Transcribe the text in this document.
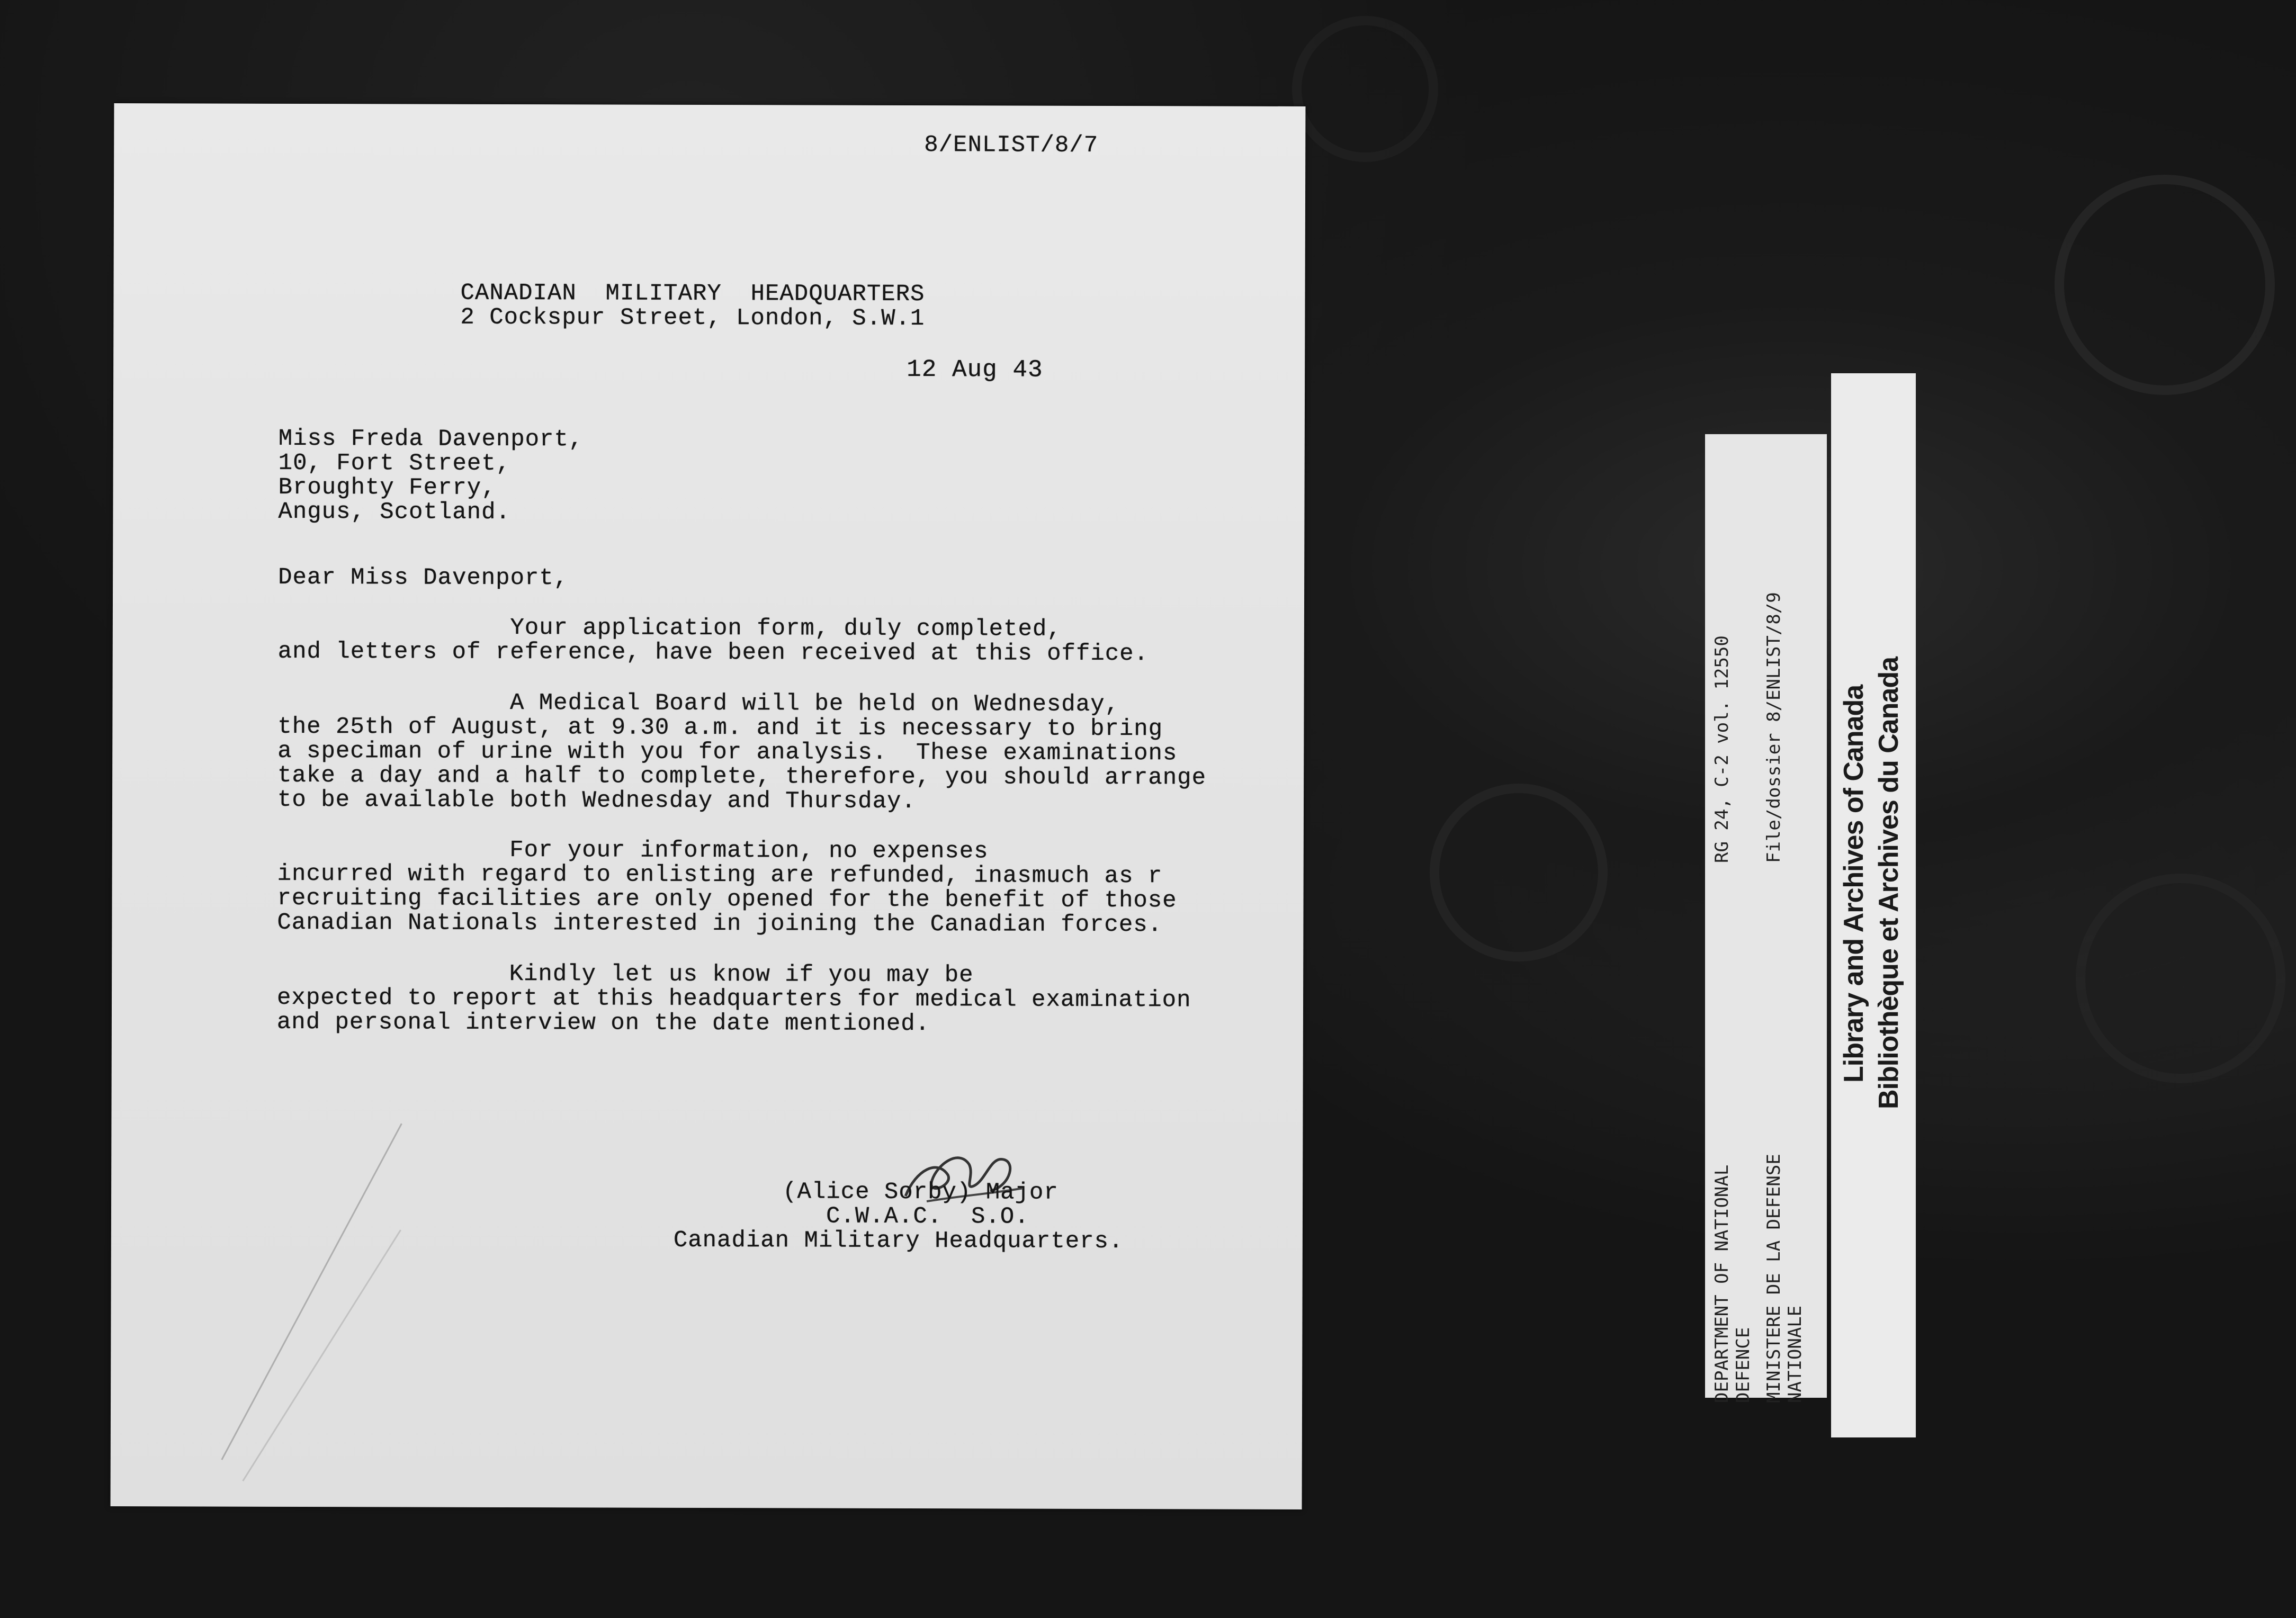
8/ENLIST/8/7
CANADIAN  MILITARY  HEADQUARTERS
2 Cockspur Street, London, S.W.1
12 Aug 43
Miss Freda Davenport,
10, Fort Street,
Broughty Ferry,
Angus, Scotland.
Dear Miss Davenport,
Your application form, duly completed,
and letters of reference, have been received at this office.
A Medical Board will be held on Wednesday,
the 25th of August, at 9.30 a.m. and it is necessary to bring
a speciman of urine with you for analysis.  These examinations
take a day and a half to complete, therefore, you should arrange
to be available both Wednesday and Thursday.
For your information, no expenses
incurred with regard to enlisting are refunded, inasmuch as r
recruiting facilities are only opened for the benefit of those
Canadian Nationals interested in joining the Canadian forces.
Kindly let us know if you may be
expected to report at this headquarters for medical examination
and personal interview on the date mentioned.
(Alice Sorby) Major
C.W.A.C.  S.O.
Canadian Military Headquarters.	DEPARTMENT OF NATIONAL DEFENCE MINISTERE DE LA DEFENSE NATIONALE
RG 24, C-2 vol. 12550 File/dossier 8/ENLIST/8/9 Library and Archives of Canada Bibliothèque et Archives du Canada
